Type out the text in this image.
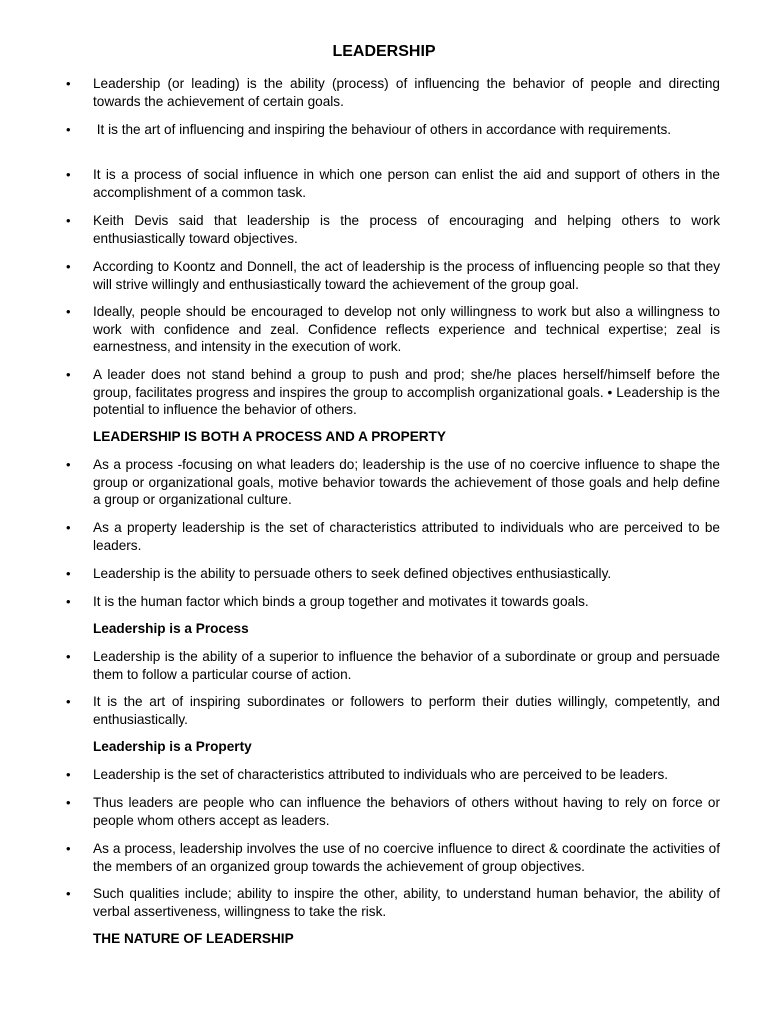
LEADERSHIP
• Leadership (or leading) is the ability (process) of influencing the behavior of people and directing towards the achievement of certain goals.
• It is the art of influencing and inspiring the behaviour of others in accordance with requirements.
• It is a process of social influence in which one person can enlist the aid and support of others in the accomplishment of a common task.
• Keith Devis said that leadership is the process of encouraging and helping others to work enthusiastically toward objectives.
• According to Koontz and Donnell, the act of leadership is the process of influencing people so that they will strive willingly and enthusiastically toward the achievement of the group goal.
• Ideally, people should be encouraged to develop not only willingness to work but also a willingness to work with confidence and zeal. Confidence reflects experience and technical expertise; zeal is earnestness, and intensity in the execution of work.
• A leader does not stand behind a group to push and prod; she/he places herself/himself before the group, facilitates progress and inspires the group to accomplish organizational goals. • Leadership is the potential to influence the behavior of others.
LEADERSHIP IS BOTH A PROCESS AND A PROPERTY
• As a process -focusing on what leaders do; leadership is the use of no coercive influence to shape the group or organizational goals, motive behavior towards the achievement of those goals and help define a group or organizational culture.
• As a property leadership is the set of characteristics attributed to individuals who are perceived to be leaders.
• Leadership is the ability to persuade others to seek defined objectives enthusiastically.
• It is the human factor which binds a group together and motivates it towards goals.
Leadership is a Process
• Leadership is the ability of a superior to influence the behavior of a subordinate or group and persuade them to follow a particular course of action.
• It is the art of inspiring subordinates or followers to perform their duties willingly, competently, and enthusiastically.
Leadership is a Property
• Leadership is the set of characteristics attributed to individuals who are perceived to be leaders.
• Thus leaders are people who can influence the behaviors of others without having to rely on force or people whom others accept as leaders.
• As a process, leadership involves the use of no coercive influence to direct & coordinate the activities of the members of an organized group towards the achievement of group objectives.
• Such qualities include; ability to inspire the other, ability, to understand human behavior, the ability of verbal assertiveness, willingness to take the risk.
THE NATURE OF LEADERSHIP
